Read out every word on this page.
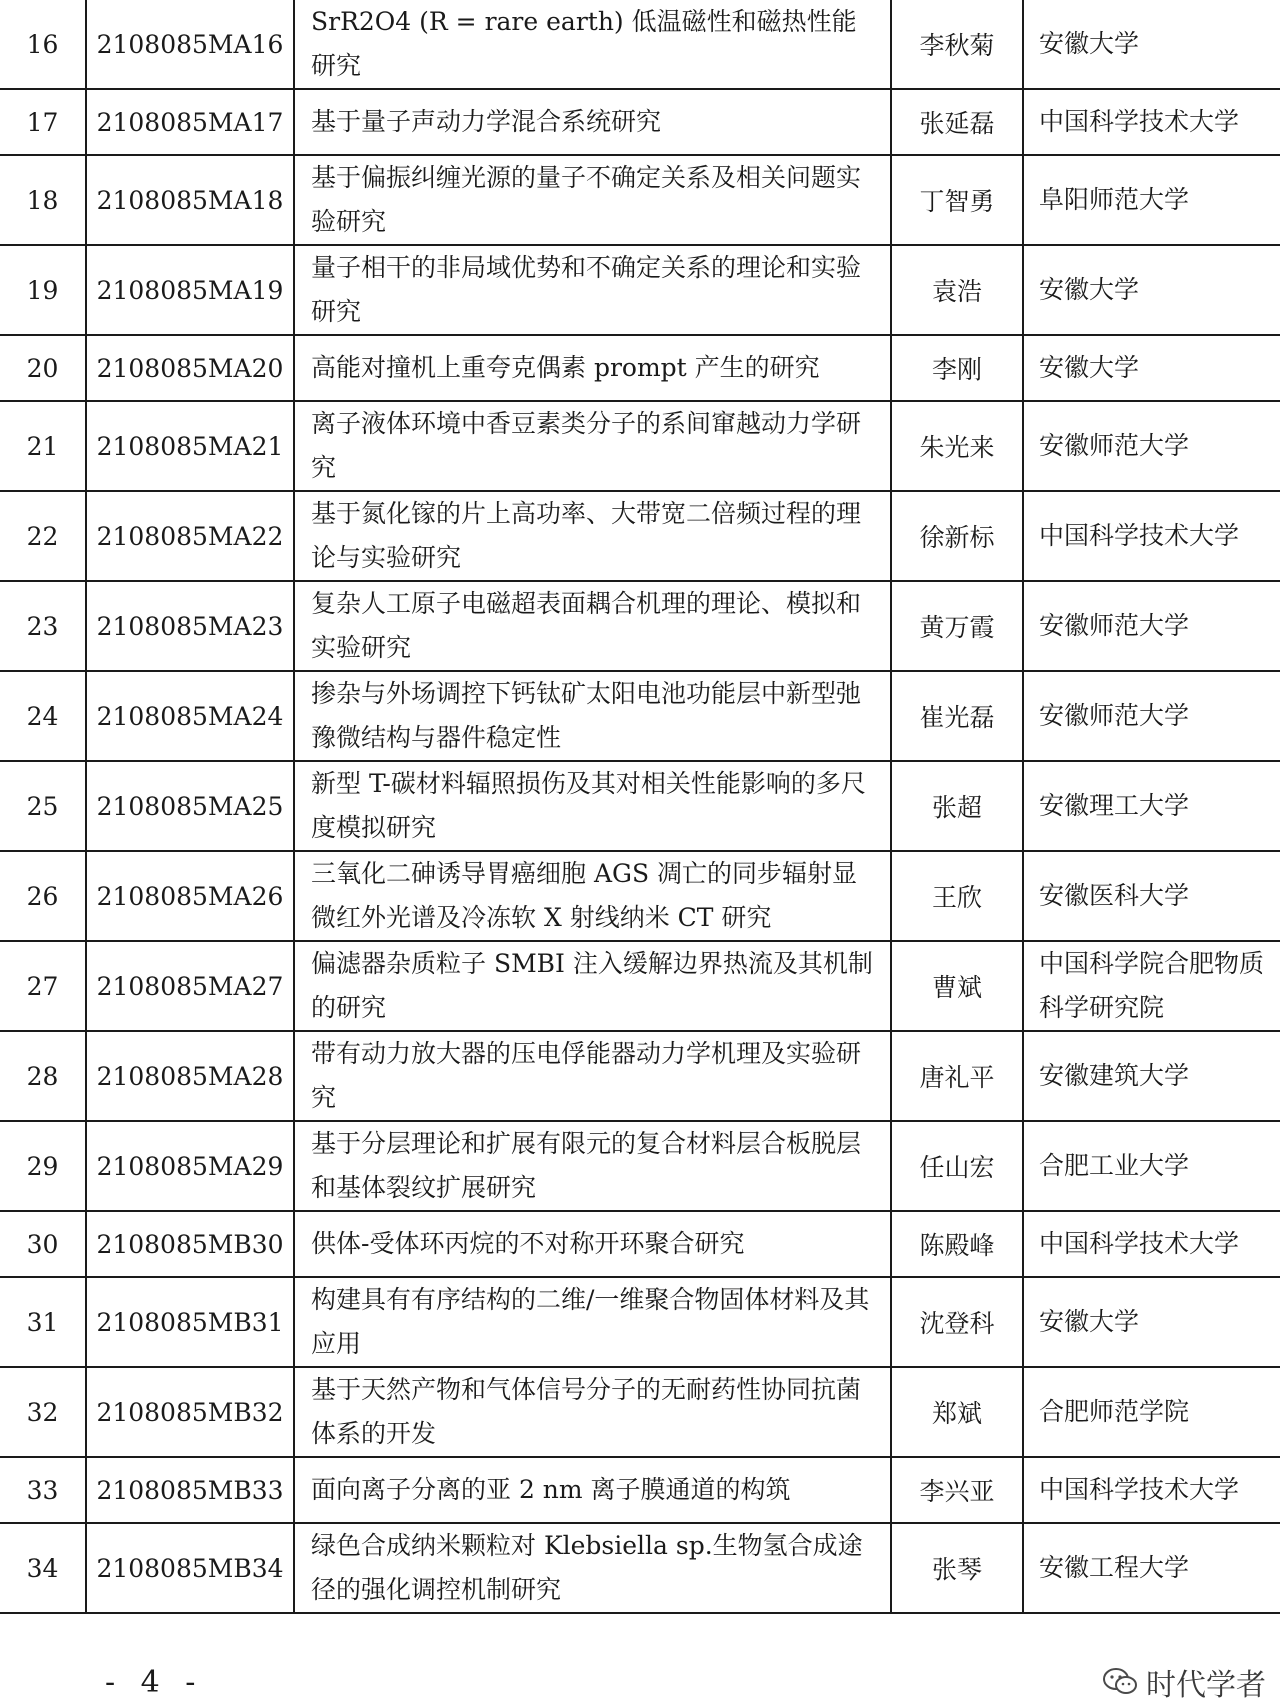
16	2108085MA16	SrR2O4 (R = rare earth) 低温磁性和磁热性能研究	李秋菊	安徽大学
17	2108085MA17	基于量子声动力学混合系统研究	张延磊	中国科学技术大学
18	2108085MA18	基于偏振纠缠光源的量子不确定关系及相关问题实验研究	丁智勇	阜阳师范大学
19	2108085MA19	量子相干的非局域优势和不确定关系的理论和实验研究	袁浩	安徽大学
20	2108085MA20	高能对撞机上重夸克偶素 prompt 产生的研究	李刚	安徽大学
21	2108085MA21	离子液体环境中香豆素类分子的系间窜越动力学研究	朱光来	安徽师范大学
22	2108085MA22	基于氮化镓的片上高功率、大带宽二倍频过程的理论与实验研究	徐新标	中国科学技术大学
23	2108085MA23	复杂人工原子电磁超表面耦合机理的理论、模拟和实验研究	黄万霞	安徽师范大学
24	2108085MA24	掺杂与外场调控下钙钛矿太阳电池功能层中新型弛豫微结构与器件稳定性	崔光磊	安徽师范大学
25	2108085MA25	新型 T-碳材料辐照损伤及其对相关性能影响的多尺度模拟研究	张超	安徽理工大学
26	2108085MA26	三氧化二砷诱导胃癌细胞 AGS 凋亡的同步辐射显微红外光谱及冷冻软 X 射线纳米 CT 研究	王欣	安徽医科大学
27	2108085MA27	偏滤器杂质粒子 SMBI 注入缓解边界热流及其机制的研究	曹斌	中国科学院合肥物质科学研究院
28	2108085MA28	带有动力放大器的压电俘能器动力学机理及实验研究	唐礼平	安徽建筑大学
29	2108085MA29	基于分层理论和扩展有限元的复合材料层合板脱层和基体裂纹扩展研究	任山宏	合肥工业大学
30	2108085MB30	供体-受体环丙烷的不对称开环聚合研究	陈殿峰	中国科学技术大学
31	2108085MB31	构建具有有序结构的二维/一维聚合物固体材料及其应用	沈登科	安徽大学
32	2108085MB32	基于天然产物和气体信号分子的无耐药性协同抗菌体系的开发	郑斌	合肥师范学院
33	2108085MB33	面向离子分离的亚 2 nm 离子膜通道的构筑	李兴亚	中国科学技术大学
34	2108085MB34	绿色合成纳米颗粒对 Klebsiella sp.生物氢合成途径的强化调控机制研究	张琴	安徽工程大学
- 4 -	时代学者
